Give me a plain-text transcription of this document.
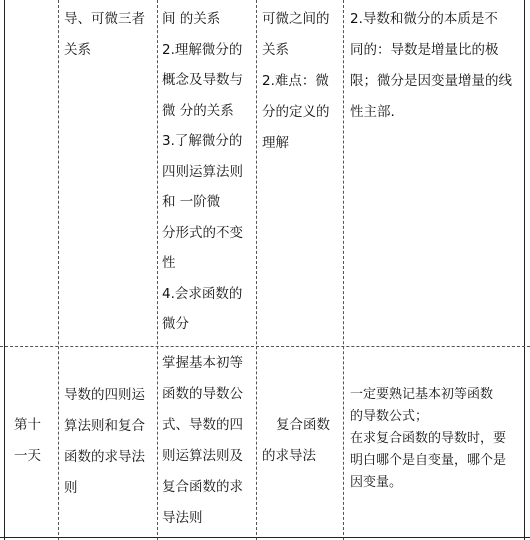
导、可微三者
关系
间 的关系
2.理解微分的
概念及导数与
微 分的关系
3.了解微分的
四则运算法则
和 一阶微
分形式的不变
性
4.会求函数的
微分
可微之间的
关系
2.难点：微
分的定义的
理解
2.导数和微分的本质是不
同的：导数是增量比的极
限；微分是因变量增量的线
性主部.
第十
一天
导数的四则运
算法则和复合
函数的求导法
则
掌握基本初等
函数的导数公
式、导数的四
则运算法则及
复合函数的求
导法则
复合函数
的求导法
一定要熟记基本初等函数
的导数公式；
在求复合函数的导数时，要
明白哪个是自变量，哪个是
因变量。
